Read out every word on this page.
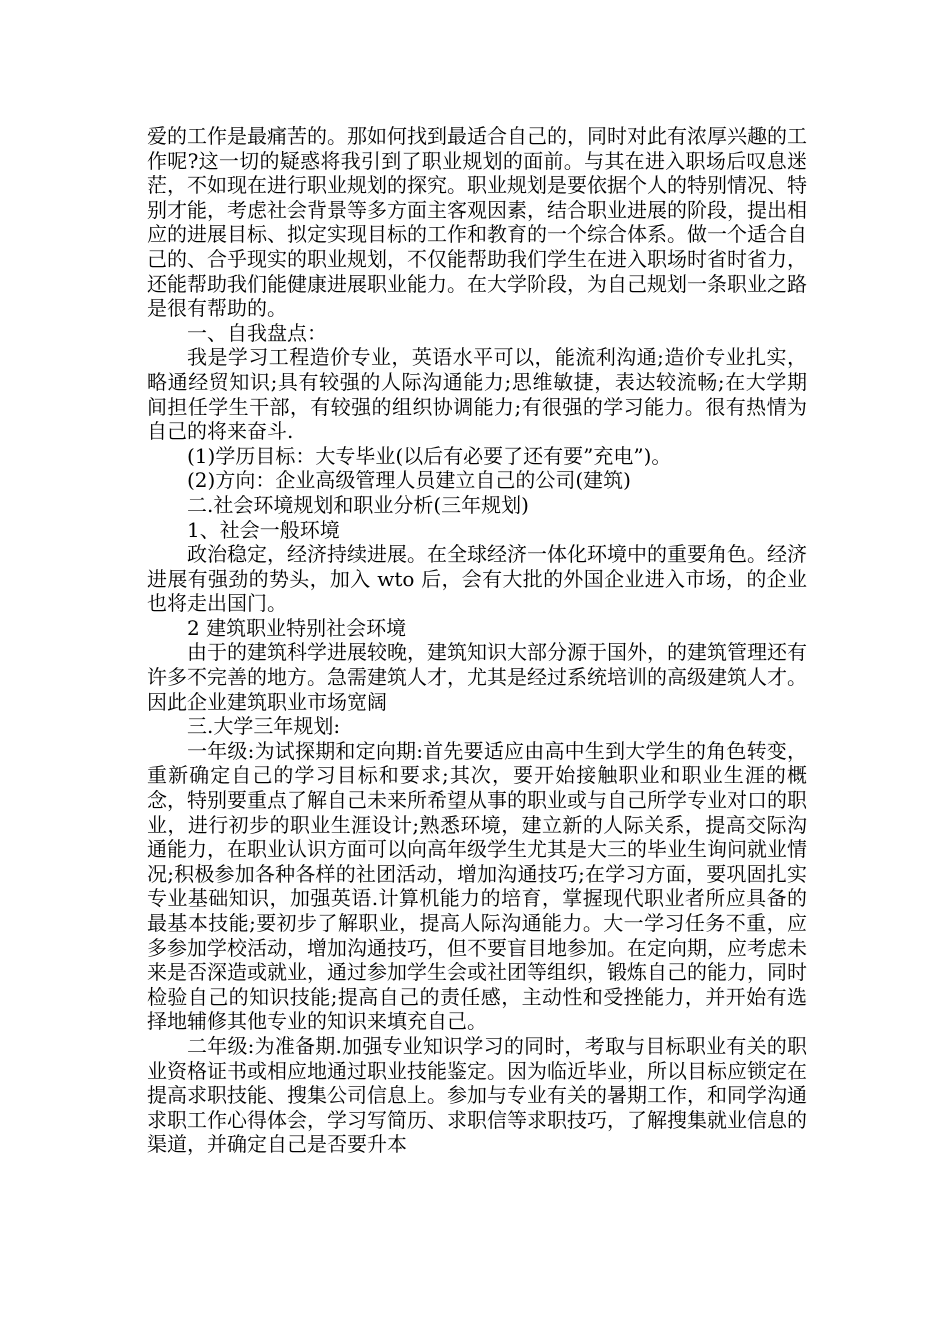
爱的工作是最痛苦的。那如何找到最适合自己的，同时对此有浓厚兴趣的工作呢?这一切的疑惑将我引到了职业规划的面前。与其在进入职场后叹息迷茫，不如现在进行职业规划的探究。职业规划是要依据个人的特别情况、特别才能，考虑社会背景等多方面主客观因素，结合职业进展的阶段，提出相应的进展目标、拟定实现目标的工作和教育的一个综合体系。做一个适合自己的、合乎现实的职业规划，不仅能帮助我们学生在进入职场时省时省力，还能帮助我们能健康进展职业能力。在大学阶段，为自己规划一条职业之路是很有帮助的。

一、自我盘点：

我是学习工程造价专业，英语水平可以，能流利沟通;造价专业扎实，略通经贸知识;具有较强的人际沟通能力;思维敏捷，表达较流畅;在大学期间担任学生干部，有较强的组织协调能力;有很强的学习能力。很有热情为自己的将来奋斗.

(1)学历目标：大专毕业(以后有必要了还有要”充电”)。

(2)方向：企业高级管理人员建立自己的公司(建筑)

二.社会环境规划和职业分析(三年规划)

1、社会一般环境

政治稳定，经济持续进展。在全球经济一体化环境中的重要角色。经济进展有强劲的势头，加入 wto 后，会有大批的外国企业进入市场，的企业也将走出国门。

2 建筑职业特别社会环境

由于的建筑科学进展较晚，建筑知识大部分源于国外，的建筑管理还有许多不完善的地方。急需建筑人才，尤其是经过系统培训的高级建筑人才。因此企业建筑职业市场宽阔

三.大学三年规划:

一年级:为试探期和定向期:首先要适应由高中生到大学生的角色转变，重新确定自己的学习目标和要求;其次，要开始接触职业和职业生涯的概念，特别要重点了解自己未来所希望从事的职业或与自己所学专业对口的职业，进行初步的职业生涯设计;熟悉环境，建立新的人际关系，提高交际沟通能力，在职业认识方面可以向高年级学生尤其是大三的毕业生询问就业情况;积极参加各种各样的社团活动，增加沟通技巧;在学习方面，要巩固扎实专业基础知识，加强英语.计算机能力的培育，掌握现代职业者所应具备的最基本技能;要初步了解职业，提高人际沟通能力。大一学习任务不重，应多参加学校活动，增加沟通技巧，但不要盲目地参加。在定向期，应考虑未来是否深造或就业，通过参加学生会或社团等组织，锻炼自己的能力，同时检验自己的知识技能;提高自己的责任感，主动性和受挫能力，并开始有选择地辅修其他专业的知识来填充自己。

二年级:为准备期.加强专业知识学习的同时，考取与目标职业有关的职业资格证书或相应地通过职业技能鉴定。因为临近毕业，所以目标应锁定在提高求职技能、搜集公司信息上。参加与专业有关的暑期工作，和同学沟通求职工作心得体会，学习写简历、求职信等求职技巧，了解搜集就业信息的渠道，并确定自己是否要升本
